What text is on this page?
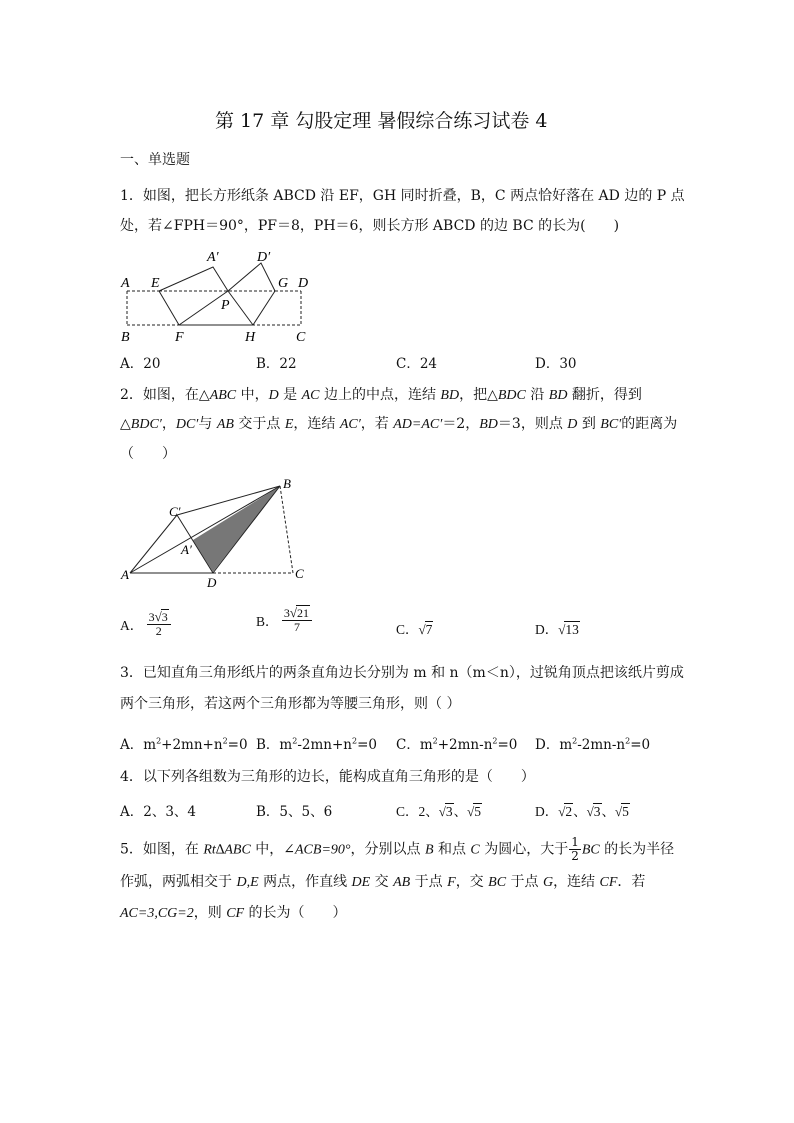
第 17 章 勾股定理 暑假综合练习试卷 4
一、单选题
1．如图，把长方形纸条 ABCD 沿 EF，GH 同时折叠，B，C 两点恰好落在 AD 边的 P 点
处，若∠FPH＝90°，PF＝8，PH＝6，则长方形 ABCD 的边 BC 的长为(　　)
A E
A′	D′
G D
P
B	F	H	C
A．20	B．22	C．24	D．30
2．如图，在△ABC 中，D 是 AC 边上的中点，连结 BD，把△BDC 沿 BD 翻折，得到
△BDC′，DC′与 AB 交于点 E，连结 AC′，若 AD=AC′＝2，BD＝3，则点 D 到 BC′的距离为
（　　）
C′
B
A′
A
D
C
A． $\frac{3√3}{2}$	B． $\frac{3√21}{7}$	C．√7	D．√13
3．已知直角三角形纸片的两条直角边长分别为 m 和 n（m＜n），过锐角顶点把该纸片剪成
两个三角形，若这两个三角形都为等腰三角形，则（ ）
A．$m^2+2mn+n^2=0$ B．$m^2-2mn+n^2=0$ C．$m^2+2mn-n^2=0$ D．$m^2-2mn-n^2=0$
4．以下列各组数为三角形的边长，能构成直角三角形的是（　　）
A．2、3、4	B．5、5、6	C．2、√3、√5	D．√2、√3、√5
5．如图，在 Rt∆ABC 中，∠ACB=90°，分别以点 B 和点 C 为圆心，大于 $\frac{1}{2}$ BC 的长为半径
作弧，两弧相交于 D,E 两点，作直线 DE 交 AB 于点 F，交 BC 于点 G，连结 CF．若
AC=3,CG=2，则 CF 的长为（　　）
